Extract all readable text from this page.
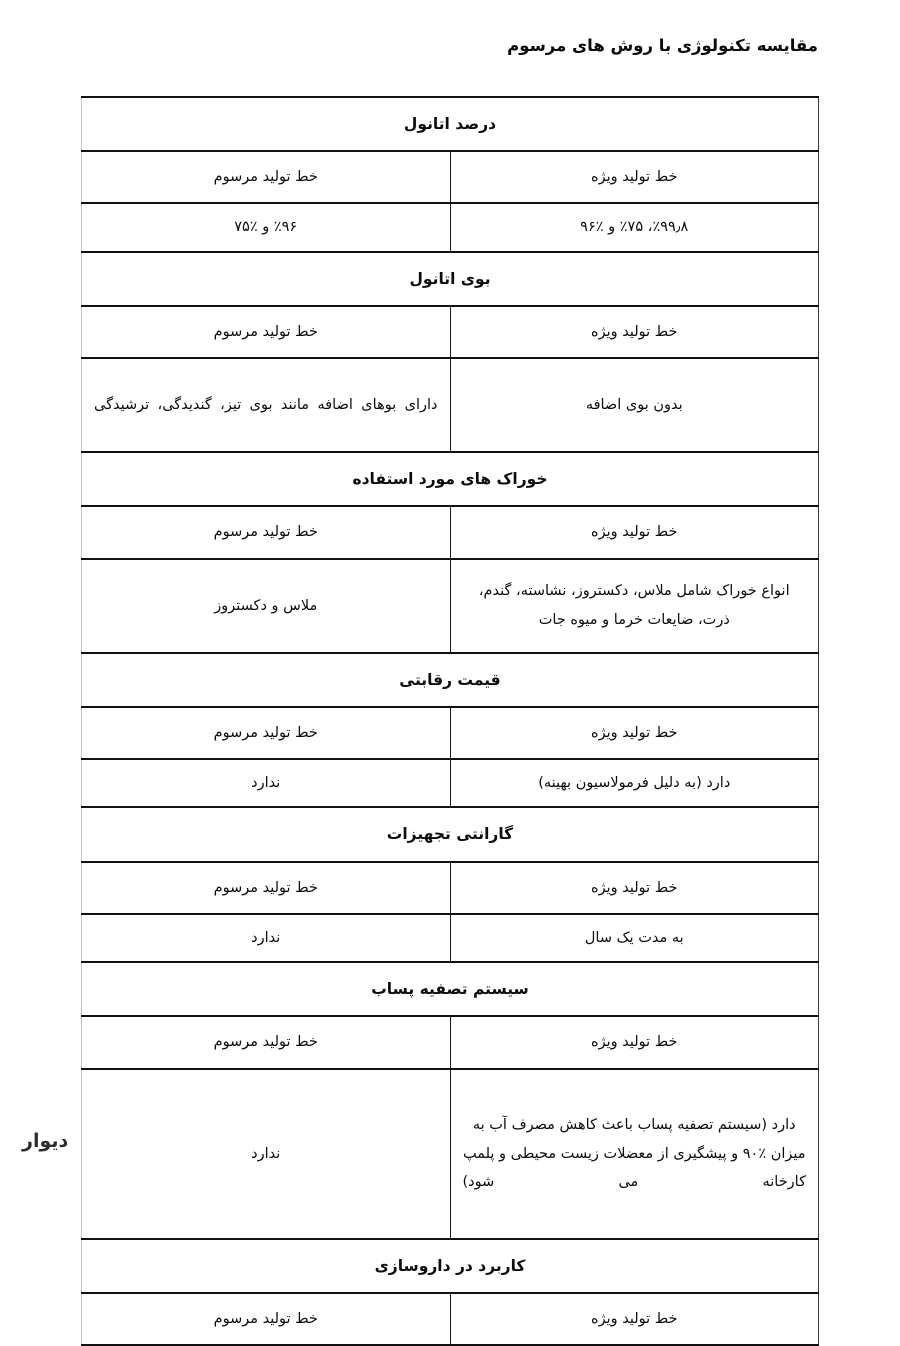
مقایسه تکنولوژی با روش های مرسوم
درصد اتانول	
خط تولید ویژه	خط تولید مرسوم
٪۹۹٫۸، ٪۷۵ و ٪۹۶	٪۹۶ و ٪۷۵
بوی اتانول	
خط تولید ویژه	خط تولید مرسوم
بدون بوی اضافه	دارای بوهای اضافه مانند بوی تیز، گندیدگی، ترشیدگی
خوراک های مورد استفاده	
خط تولید ویژه	خط تولید مرسوم
انواع خوراک شامل ملاس، دکستروز، نشاسته، گندم، ذرت، ضایعات خرما و میوه جات	ملاس و دکستروز
قیمت رقابتی	
خط تولید ویژه	خط تولید مرسوم
دارد (به دلیل فرمولاسیون بهینه)	ندارد
گارانتی تجهیزات	
خط تولید ویژه	خط تولید مرسوم
به مدت یک سال	ندارد
سیستم تصفیه پساب	
خط تولید ویژه	خط تولید مرسوم
دارد (سیستم تصفیه پساب باعث کاهش مصرف آب به میزان ٪۹۰ و پیشگیری از معضلات زیست محیطی و پلمپ کارخانه می شود)	ندارد
کاربرد در داروسازی	
خط تولید ویژه	خط تولید مرسوم
دیوار
